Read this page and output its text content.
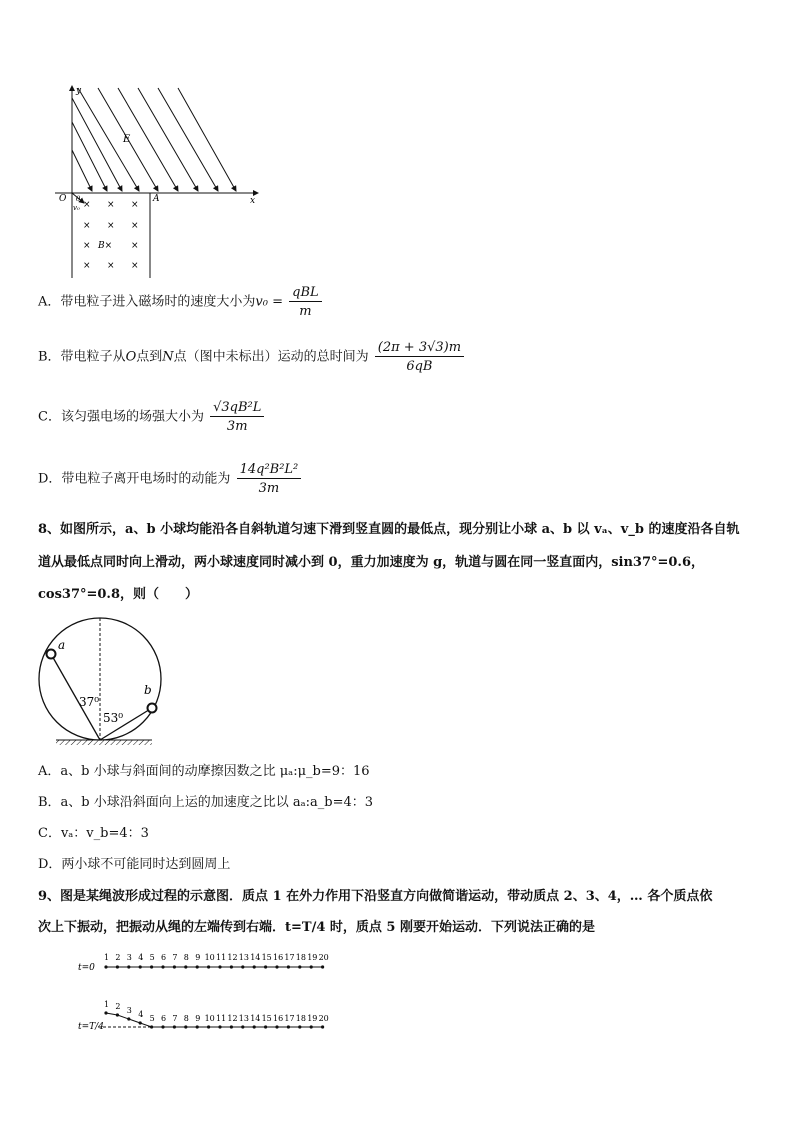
y
x
O	A
E
θ
v₀ × × ×
× × ×
×	×
× × ×
B×
A．带电粒子进入磁场时的速度大小为$v_0 = \frac{\text{qBL}}{m}$
B．带电粒子从O点到N点（图中未标出）运动的总时间为 $\frac{(2\pi + 3√3)m}{6qB}$
C．该匀强电场的场强大小为 $\frac{\text{√3qB²L}}{3m}$
D．带电粒子离开电场时的动能为 $\frac{\text{14q²B²L²}}{3m}$
8、如图所示，a、b 小球均能沿各自斜轨道匀速下滑到竖直圆的最低点，现分别让小球 a、b 以 vₐ、v_b 的速度沿各自轨
道从最低点同时向上滑动，两小球速度同时减小到 0，重力加速度为 g，轨道与圆在同一竖直面内，sin37°=0.6，
cos37°=0.8，则（　　）
a
b
37⁰
53⁰
A．a、b 小球与斜面间的动摩擦因数之比 μₐ:μ_b=9：16
B．a、b 小球沿斜面向上运的加速度之比以 aₐ:a_b=4：3
C．vₐ：v_b=4：3
D．两小球不可能同时达到圆周上
9、图是某绳波形成过程的示意图．质点 1 在外力作用下沿竖直方向做简谐运动，带动质点 2、3、4，… 各个质点依
次上下振动，把振动从绳的左端传到右端．t=T/4 时，质点 5 刚要开始运动．下列说法正确的是
t=0
t=T/4
1 2 3 4 5 6 7 8 9 10 11 12 13 14 15 16 17 18 19 20
1 2 3 4 5 6 7 8 9 10 11 12 13 14 15 16 17 18 19 20
